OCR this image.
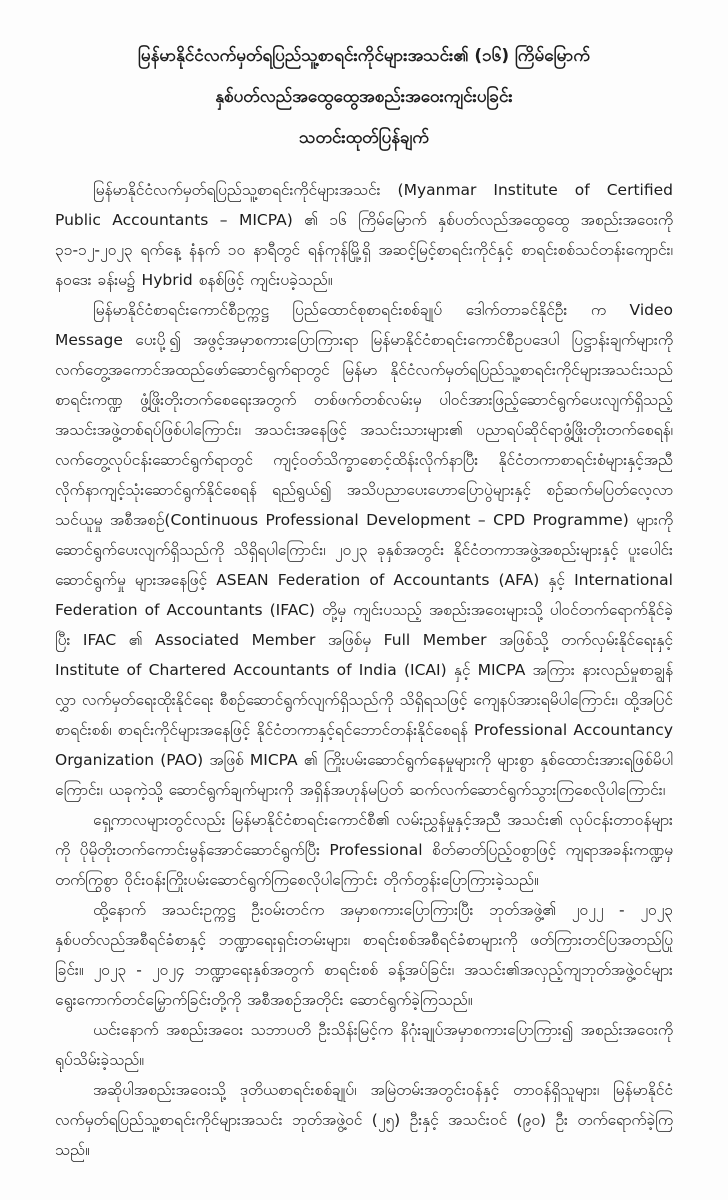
မြန်မာနိုင်ငံလက်မှတ်ရပြည်သူ့စာရင်းကိုင်များအသင်း၏ (၁၆) ကြိမ်မြောက်
နှစ်ပတ်လည်အထွေထွေအစည်းအဝေးကျင်းပခြင်း
သတင်းထုတ်ပြန်ချက်

မြန်မာနိုင်ငံလက်မှတ်ရပြည်သူ့စာရင်းကိုင်များအသင်း (Myanmar Institute of Certified Public Accountants – MICPA) ၏ ၁၆ ကြိမ်မြောက် နှစ်ပတ်လည်အထွေထွေ အစည်းအဝေးကို ၃၁-၁၂-၂၀၂၃ ရက်နေ့ နံနက် ၁၀ နာရီတွင် ရန်ကုန်မြို့ရှိ အဆင့်မြင့်စာရင်းကိုင်နှင့် စာရင်းစစ်သင်တန်းကျောင်း၊ နဝဒေး ခန်းမ၌ Hybrid စနစ်ဖြင့် ကျင်းပခဲ့သည်။

မြန်မာနိုင်ငံစာရင်းကောင်စီဥက္ကဋ္ဌ ပြည်ထောင်စုစာရင်းစစ်ချုပ် ဒေါက်တာခင်နိုင်ဦး က Video Message ပေးပို့၍ အဖွင့်အမှာစကားပြောကြားရာ မြန်မာနိုင်ငံစာရင်းကောင်စီဥပဒေပါ ပြဋ္ဌာန်းချက်များကို လက်တွေ့အကောင်အထည်ဖော်ဆောင်ရွက်ရာတွင် မြန်မာ နိုင်ငံလက်မှတ်ရပြည်သူ့စာရင်းကိုင်များအသင်းသည် စာရင်းကဏ္ဍ ဖွံ့ဖြိုးတိုးတက်စေရေးအတွက် တစ်ဖက်တစ်လမ်းမှ ပါဝင်အားဖြည့်ဆောင်ရွက်ပေးလျက်ရှိသည့် အသင်းအဖွဲ့တစ်ရပ်ဖြစ်ပါကြောင်း၊ အသင်းအနေဖြင့် အသင်းသားများ၏ ပညာရပ်ဆိုင်ရာဖွံ့ဖြိုးတိုးတက်စေရန်၊ လက်တွေ့လုပ်ငန်းဆောင်ရွက်ရာတွင် ကျင့်ဝတ်သိက္ခာစောင့်ထိန်းလိုက်နာပြီး နိုင်ငံတကာစာရင်းစံများနှင့်အညီ လိုက်နာကျင့်သုံးဆောင်ရွက်နိုင်စေရန် ရည်ရွယ်၍ အသိပညာပေးဟောပြောပွဲများနှင့် စဉ်ဆက်မပြတ်လေ့လာသင်ယူမှု အစီအစဉ်(Continuous Professional Development – CPD Programme) များကို ဆောင်ရွက်ပေးလျက်ရှိသည်ကို သိရှိရပါကြောင်း၊ ၂၀၂၃ ခုနှစ်အတွင်း နိုင်ငံတကာအဖွဲ့အစည်းများနှင့် ပူးပေါင်းဆောင်ရွက်မှု များအနေဖြင့် ASEAN Federation of Accountants (AFA) နှင့် International Federation of Accountants (IFAC) တို့မှ ကျင်းပသည့် အစည်းအဝေးများသို့ ပါဝင်တက်ရောက်နိုင်ခဲ့ပြီး IFAC ၏ Associated Member အဖြစ်မှ Full Member အဖြစ်သို့ တက်လှမ်းနိုင်ရေးနှင့် Institute of Chartered Accountants of India (ICAI) နှင့် MICPA အကြား နားလည်မှုစာချွန်လွှာ လက်မှတ်ရေးထိုးနိုင်ရေး စီစဉ်ဆောင်ရွက်လျက်ရှိသည်ကို သိရှိရသဖြင့် ကျေနပ်အားရမိပါကြောင်း၊ ထို့အပြင် စာရင်းစစ်၊ စာရင်းကိုင်များအနေဖြင့် နိုင်ငံတကာနှင့်ရင်ဘောင်တန်းနိုင်စေရန် Professional Accountancy Organization (PAO) အဖြစ် MICPA ၏ ကြိုးပမ်းဆောင်ရွက်နေမှုများကို များစွာ နှစ်ထောင်းအားရဖြစ်မိပါကြောင်း၊ ယခုကဲ့သို့ ဆောင်ရွက်ချက်များကို အရှိန်အဟုန်မပြတ် ဆက်လက်ဆောင်ရွက်သွားကြစေလိုပါကြောင်း၊

ရှေ့ကာလများတွင်လည်း မြန်မာနိုင်ငံစာရင်းကောင်စီ၏ လမ်းညွှန်မှုနှင့်အညီ အသင်း၏ လုပ်ငန်းတာဝန်များကို ပိုမိုတိုးတက်ကောင်းမွန်အောင်ဆောင်ရွက်ပြီး Professional စိတ်ဓာတ်ပြည့်ဝစွာဖြင့် ကျရာအခန်းကဏ္ဍမှ တက်ကြွစွာ ဝိုင်းဝန်းကြိုးပမ်းဆောင်ရွက်ကြစေလိုပါကြောင်း တိုက်တွန်းပြောကြားခဲ့သည်။

ထို့နောက် အသင်းဥက္ကဋ္ဌ ဦးဝမ်းတင်က အမှာစကားပြောကြားပြီး ဘုတ်အဖွဲ့၏ ၂၀၂၂ - ၂၀၂၃ နှစ်ပတ်လည်အစီရင်ခံစာနှင့် ဘဏ္ဍာရေးရှင်းတမ်းများ၊ စာရင်းစစ်အစီရင်ခံစာများကို ဖတ်ကြားတင်ပြအတည်ပြုခြင်း။ ၂၀၂၃ - ၂၀၂၄ ဘဏ္ဍာရေးနှစ်အတွက် စာရင်းစစ် ခန့်အပ်ခြင်း၊ အသင်း၏အလှည့်ကျဘုတ်အဖွဲ့ဝင်များ ရွေးကောက်တင်မြှောက်ခြင်းတို့ကို အစီအစဉ်အတိုင်း ဆောင်ရွက်ခဲ့ကြသည်။

ယင်းနောက် အစည်းအဝေး သဘာပတိ ဦးသိန်းမြင့်က နိဂုံးချုပ်အမှာစကားပြောကြား၍ အစည်းအဝေးကို ရုပ်သိမ်းခဲ့သည်။

အဆိုပါအစည်းအဝေးသို့ ဒုတိယစာရင်းစစ်ချုပ်၊ အမြဲတမ်းအတွင်းဝန်နှင့် တာဝန်ရှိသူများ၊ မြန်မာနိုင်ငံလက်မှတ်ရပြည်သူ့စာရင်းကိုင်များအသင်း ဘုတ်အဖွဲ့ဝင် (၂၅) ဦးနှင့် အသင်းဝင် (၉၀) ဦး တက်ရောက်ခဲ့ကြသည်။
